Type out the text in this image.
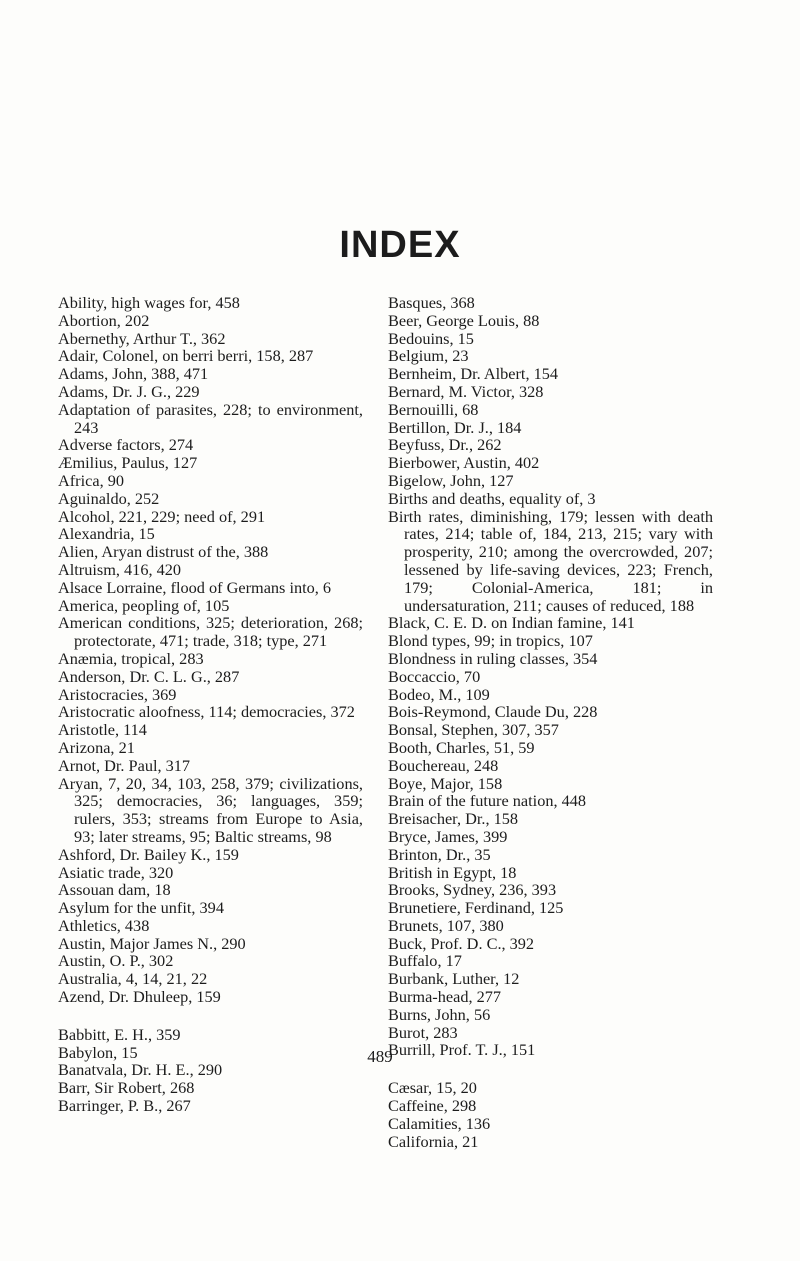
INDEX
Ability, high wages for, 458
Abortion, 202
Abernethy, Arthur T., 362
Adair, Colonel, on berri berri, 158, 287
Adams, John, 388, 471
Adams, Dr. J. G., 229
Adaptation of parasites, 228; to environment, 243
Adverse factors, 274
Æmilius, Paulus, 127
Africa, 90
Aguinaldo, 252
Alcohol, 221, 229; need of, 291
Alexandria, 15
Alien, Aryan distrust of the, 388
Altruism, 416, 420
Alsace Lorraine, flood of Germans into, 6
America, peopling of, 105
American conditions, 325; deterioration, 268; protectorate, 471; trade, 318; type, 271
Anæmia, tropical, 283
Anderson, Dr. C. L. G., 287
Aristocracies, 369
Aristocratic aloofness, 114; democracies, 372
Aristotle, 114
Arizona, 21
Arnot, Dr. Paul, 317
Aryan, 7, 20, 34, 103, 258, 379; civilizations, 325; democracies, 36; languages, 359; rulers, 353; streams from Europe to Asia, 93; later streams, 95; Baltic streams, 98
Ashford, Dr. Bailey K., 159
Asiatic trade, 320
Assouan dam, 18
Asylum for the unfit, 394
Athletics, 438
Austin, Major James N., 290
Austin, O. P., 302
Australia, 4, 14, 21, 22
Azend, Dr. Dhuleep, 159
Babbitt, E. H., 359
Babylon, 15
Banatvala, Dr. H. E., 290
Barr, Sir Robert, 268
Barringer, P. B., 267
Basques, 368
Beer, George Louis, 88
Bedouins, 15
Belgium, 23
Bernheim, Dr. Albert, 154
Bernard, M. Victor, 328
Bernouilli, 68
Bertillon, Dr. J., 184
Beyfuss, Dr., 262
Bierbower, Austin, 402
Bigelow, John, 127
Births and deaths, equality of, 3
Birth rates, diminishing, 179; lessen with death rates, 214; table of, 184, 213, 215; vary with prosperity, 210; among the overcrowded, 207; lessened by life-saving devices, 223; French, 179; Colonial-America, 181; in undersaturation, 211; causes of reduced, 188
Black, C. E. D. on Indian famine, 141
Blond types, 99; in tropics, 107
Blondness in ruling classes, 354
Boccaccio, 70
Bodeo, M., 109
Bois-Reymond, Claude Du, 228
Bonsal, Stephen, 307, 357
Booth, Charles, 51, 59
Bouchereau, 248
Boye, Major, 158
Brain of the future nation, 448
Breisacher, Dr., 158
Bryce, James, 399
Brinton, Dr., 35
British in Egypt, 18
Brooks, Sydney, 236, 393
Brunetiere, Ferdinand, 125
Brunets, 107, 380
Buck, Prof. D. C., 392
Buffalo, 17
Burbank, Luther, 12
Burma-head, 277
Burns, John, 56
Burot, 283
Burrill, Prof. T. J., 151
Cæsar, 15, 20
Caffeine, 298
Calamities, 136
California, 21
489
